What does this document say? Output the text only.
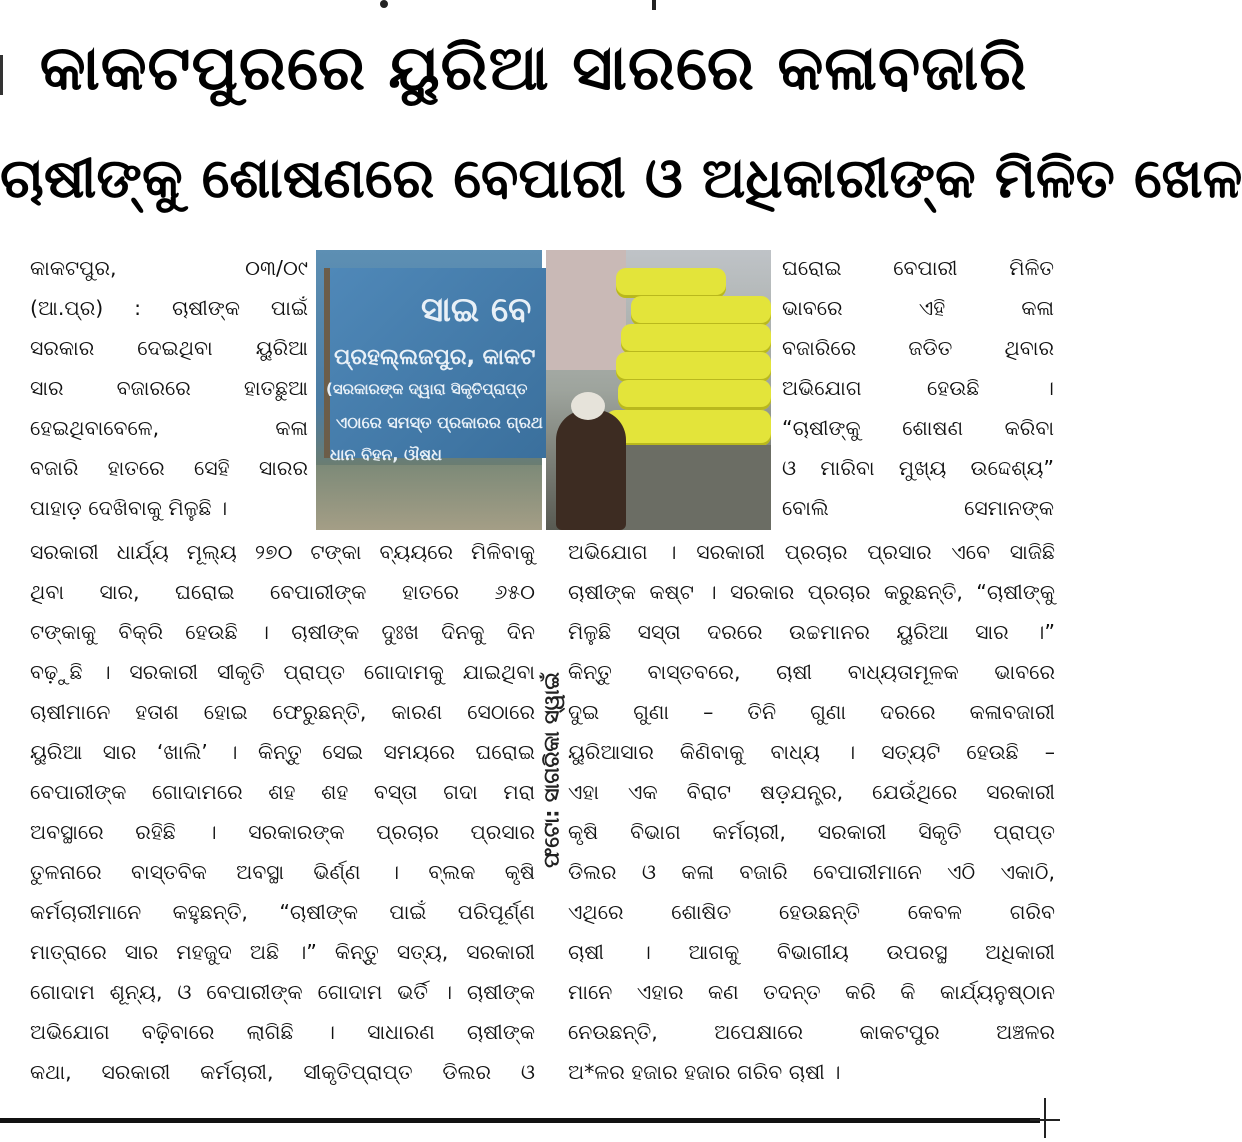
କାକଟପୁରରେ ୟୁରିଆ ସାରରେ କଳାବଜାରି
ଚାଷୀଙ୍କୁ ଶୋଷଣରେ ବେପାରୀ ଓ ଅଧିକାରୀଙ୍କ ମିଳିତ ଖେଳ
କାକଟପୁର, ୦୩/୦୯
(ଆ.ପ୍ର) : ଚାଷୀଙ୍କ ପାଇଁ
ସରକାର ଦେଇଥିବା ୟୁରିଆ
ସାର ବଜାରରେ ହାତଛୁଆ
ହେଇଥିବାବେଳେ, କଳା
ବଜାରି ହାତରେ ସେହି ସାରର
ପାହାଡ଼ ଦେଖିବାକୁ ମିଳୁଛି ।
ସାଇ ବେ
ପ୍ରହଲ୍ଲଜପୁର, କାକଟ
(ସରକାରଙ୍କ ଦ୍ୱାରା ସିକୃତିପ୍ରାପ୍ତ
ଏଠାରେ ସମସ୍ତ ପ୍ରକାରର ଗ୍ରଥ
ଧାନ ବିହନ, ଔଷଧ
ଘରୋଇ ବେପାରୀ ମିଳିତ
ଭାବରେ ଏହି କଳା
ବଜାରିରେ ଜଡିତ ଥିବାର
ଅଭିଯୋଗ ହେଉଛି ।
“ଚାଷୀଙ୍କୁ ଶୋଷଣ କରିବା
ଓ ମାରିବା ମୁଖ୍ୟ ଉଦ୍ଦେଶ୍ୟ”
ବୋଲି ସେମାନଙ୍କ
ସରକାରୀ ଧାର୍ଯ୍ୟ ମୂଲ୍ୟ ୨୭୦ ଟଙ୍କା ବ୍ୟୟରେ ମିଳିବାକୁ
ଥିବା ସାର, ଘରୋଇ ବେପାରୀଙ୍କ ହାତରେ ୬୫୦
ଟଙ୍କାକୁ ବିକ୍ରି ହେଉଛି । ଚାଷୀଙ୍କ ଦୁଃଖ ଦିନକୁ ଦିନ
ବଢ଼ୁଛି । ସରକାରୀ ସୀକୃତି ପ୍ରାପ୍ତ ଗୋଦାମକୁ ଯାଇଥିବା
ଚାଷୀମାନେ ହତାଶ ହୋଇ ଫେରୁଛନ୍ତି, କାରଣ ସେଠାରେ
ୟୁରିଆ ସାର ‘ଖାଲି’ । କିନ୍ତୁ ସେଇ ସମୟରେ ଘରୋଇ
ବେପାରୀଙ୍କ ଗୋଦାମରେ ଶହ ଶହ ବସ୍ତା ଗଦା ମରା
ଅବସ୍ଥାରେ ରହିଛି । ସରକାରଙ୍କ ପ୍ରଚାର ପ୍ରସାର
ତୁଳନାରେ ବାସ୍ତବିକ ଅବସ୍ଥା ଭିର୍ଣ୍ଣ । ବ୍ଲକ କୃଷି
କର୍ମଚାରୀମାନେ କହୁଛନ୍ତି, “ଚାଷୀଙ୍କ ପାଇଁ ପରିପୂର୍ଣ୍ଣ
ମାତ୍ରାରେ ସାର ମହଜୁଦ ଅଛି ।” କିନ୍ତୁ ସତ୍ୟ, ସରକାରୀ
ଗୋଦାମ ଶୂନ୍ୟ, ଓ ବେପାରୀଙ୍କ ଗୋଦାମ ଭର୍ତି । ଚାଷୀଙ୍କ
ଅଭିଯୋଗ ବଢ଼ିବାରେ ଲାଗିଛି । ସାଧାରଣ ଚାଷୀଙ୍କ
କଥା, ସରକାରୀ କର୍ମଚାରୀ, ସୀକୃତିପ୍ରାପ୍ତ ଡିଲର ଓ
ଫଟୋ: ସାଗରିକା ସ୍ୱାଇଁ
ଅଭିଯୋଗ । ସରକାରୀ ପ୍ରଚାର ପ୍ରସାର ଏବେ ସାଜିଛି
ଚାଷୀଙ୍କ କଷ୍ଟ । ସରକାର ପ୍ରଚାର କରୁଛନ୍ତି, “ଚାଷୀଙ୍କୁ
ମିଳୁଛି ସସ୍ତା ଦରରେ ଉଚ୍ଚମାନର ୟୁରିଆ ସାର ।”
କିନ୍ତୁ ବାସ୍ତବରେ, ଚାଷୀ ବାଧ୍ୟତାମୂଳକ ଭାବରେ
ଦୁଇ ଗୁଣା – ତିନି ଗୁଣା ଦରରେ କଳାବଜାରୀ
ୟୁରିଆସାର କିଣିବାକୁ ବାଧ୍ୟ । ସତ୍ୟଟି ହେଉଛି –
ଏହା ଏକ ବିରାଟ ଷଡ଼ଯନ୍ତ୍ର, ଯେଉଁଥିରେ ସରକାରୀ
କୃଷି ବିଭାଗ କର୍ମଚାରୀ, ସରକାରୀ ସିକୃତି ପ୍ରାପ୍ତ
ଡିଲର ଓ କଳା ବଜାରି ବେପାରୀମାନେ ଏଠି ଏକାଠି,
ଏଥିରେ ଶୋଷିତ ହେଉଛନ୍ତି କେବଳ ଗରିବ
ଚାଷୀ । ଆଗକୁ ବିଭାଗୀୟ ଉପରସ୍ଥ ଅଧିକାରୀ
ମାନେ ଏହାର କଣ ତଦନ୍ତ କରି କି କାର୍ଯ୍ୟନୁଷ୍ଠାନ
ନେଉଛନ୍ତି, ଅପେକ୍ଷାରେ କାକଟପୁର ଅଞ୍ଚଳର
ଅ*ଳର ହଜାର ହଜାର ଗରିବ ଚାଷୀ ।
